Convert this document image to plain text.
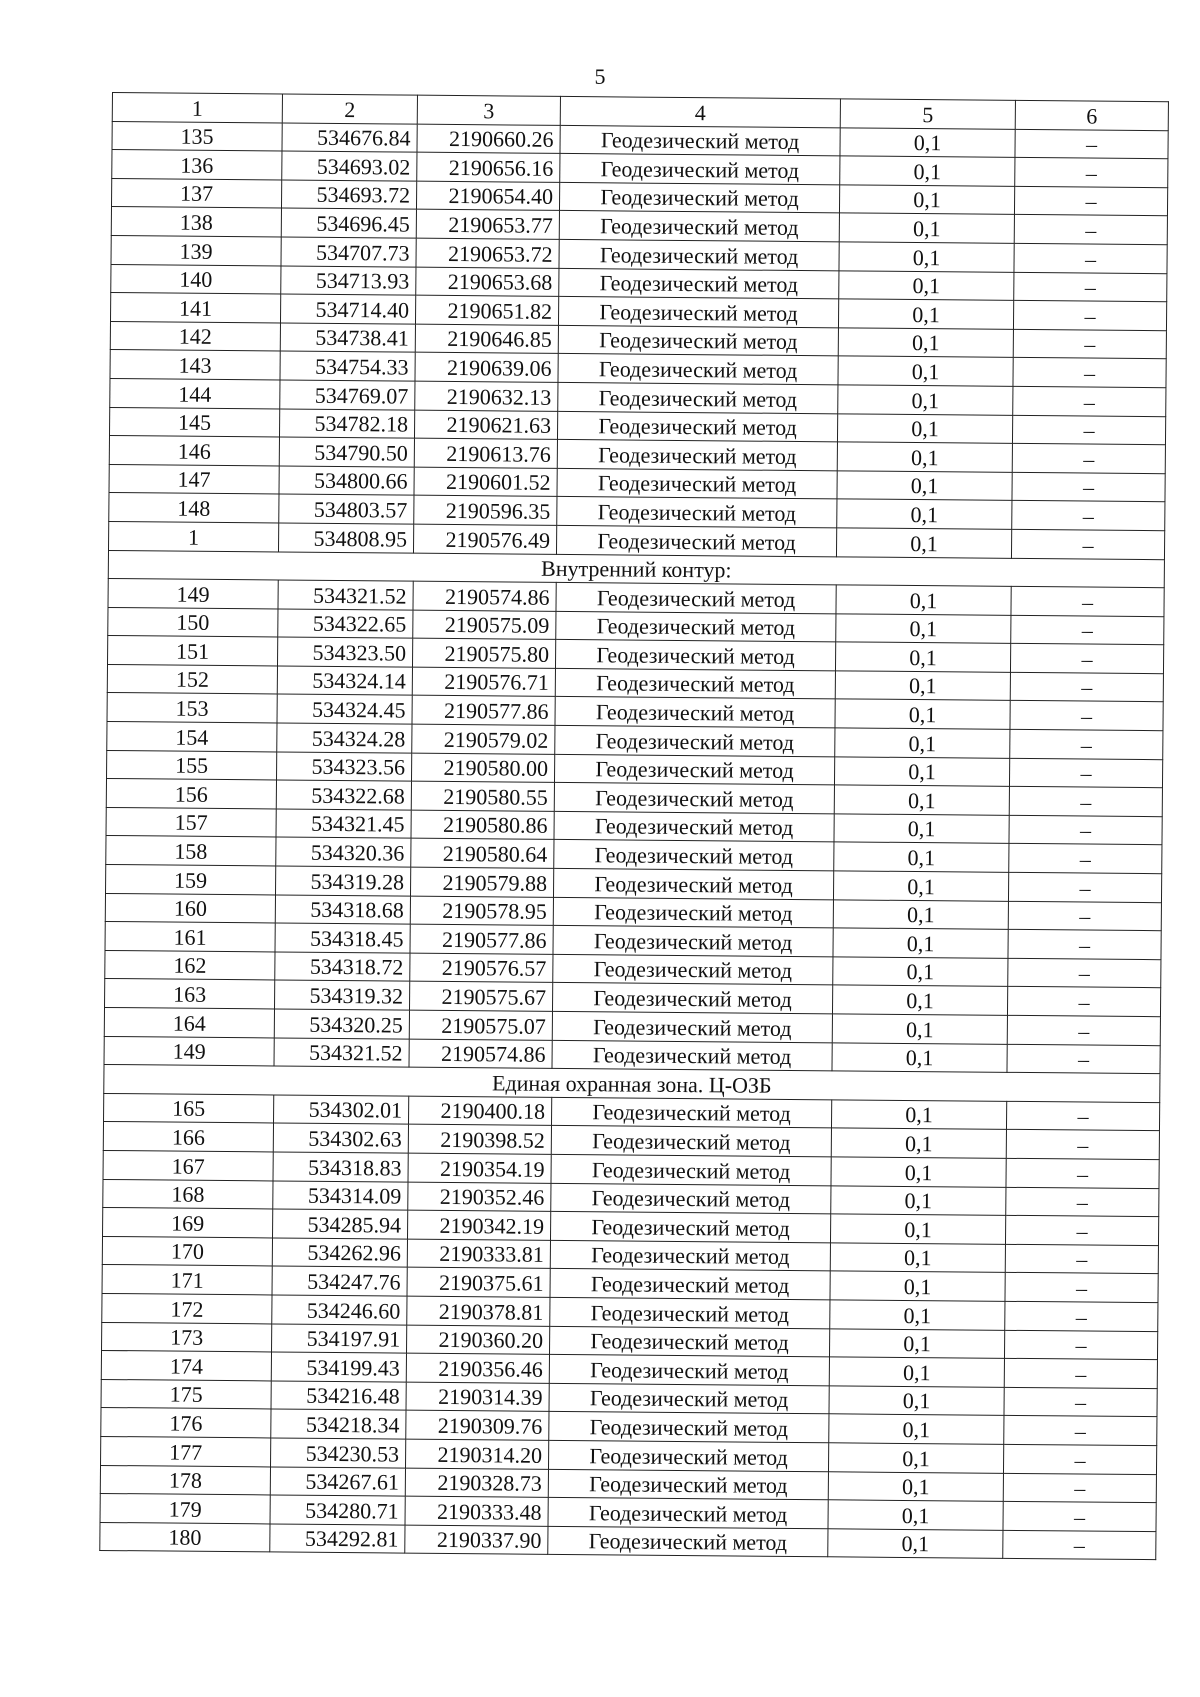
5
1	2	3	4	5	6
135	534676.84	2190660.26	Геодезический метод	0,1	–
136	534693.02	2190656.16	Геодезический метод	0,1	–
137	534693.72	2190654.40	Геодезический метод	0,1	–
138	534696.45	2190653.77	Геодезический метод	0,1	–
139	534707.73	2190653.72	Геодезический метод	0,1	–
140	534713.93	2190653.68	Геодезический метод	0,1	–
141	534714.40	2190651.82	Геодезический метод	0,1	–
142	534738.41	2190646.85	Геодезический метод	0,1	–
143	534754.33	2190639.06	Геодезический метод	0,1	–
144	534769.07	2190632.13	Геодезический метод	0,1	–
145	534782.18	2190621.63	Геодезический метод	0,1	–
146	534790.50	2190613.76	Геодезический метод	0,1	–
147	534800.66	2190601.52	Геодезический метод	0,1	–
148	534803.57	2190596.35	Геодезический метод	0,1	–
1	534808.95	2190576.49	Геодезический метод	0,1	–
Внутренний контур:					
149	534321.52	2190574.86	Геодезический метод	0,1	–
150	534322.65	2190575.09	Геодезический метод	0,1	–
151	534323.50	2190575.80	Геодезический метод	0,1	–
152	534324.14	2190576.71	Геодезический метод	0,1	–
153	534324.45	2190577.86	Геодезический метод	0,1	–
154	534324.28	2190579.02	Геодезический метод	0,1	–
155	534323.56	2190580.00	Геодезический метод	0,1	–
156	534322.68	2190580.55	Геодезический метод	0,1	–
157	534321.45	2190580.86	Геодезический метод	0,1	–
158	534320.36	2190580.64	Геодезический метод	0,1	–
159	534319.28	2190579.88	Геодезический метод	0,1	–
160	534318.68	2190578.95	Геодезический метод	0,1	–
161	534318.45	2190577.86	Геодезический метод	0,1	–
162	534318.72	2190576.57	Геодезический метод	0,1	–
163	534319.32	2190575.67	Геодезический метод	0,1	–
164	534320.25	2190575.07	Геодезический метод	0,1	–
149	534321.52	2190574.86	Геодезический метод	0,1	–
Единая охранная зона. Ц-ОЗБ					
165	534302.01	2190400.18	Геодезический метод	0,1	–
166	534302.63	2190398.52	Геодезический метод	0,1	–
167	534318.83	2190354.19	Геодезический метод	0,1	–
168	534314.09	2190352.46	Геодезический метод	0,1	–
169	534285.94	2190342.19	Геодезический метод	0,1	–
170	534262.96	2190333.81	Геодезический метод	0,1	–
171	534247.76	2190375.61	Геодезический метод	0,1	–
172	534246.60	2190378.81	Геодезический метод	0,1	–
173	534197.91	2190360.20	Геодезический метод	0,1	–
174	534199.43	2190356.46	Геодезический метод	0,1	–
175	534216.48	2190314.39	Геодезический метод	0,1	–
176	534218.34	2190309.76	Геодезический метод	0,1	–
177	534230.53	2190314.20	Геодезический метод	0,1	–
178	534267.61	2190328.73	Геодезический метод	0,1	–
179	534280.71	2190333.48	Геодезический метод	0,1	–
180	534292.81	2190337.90	Геодезический метод	0,1	–
